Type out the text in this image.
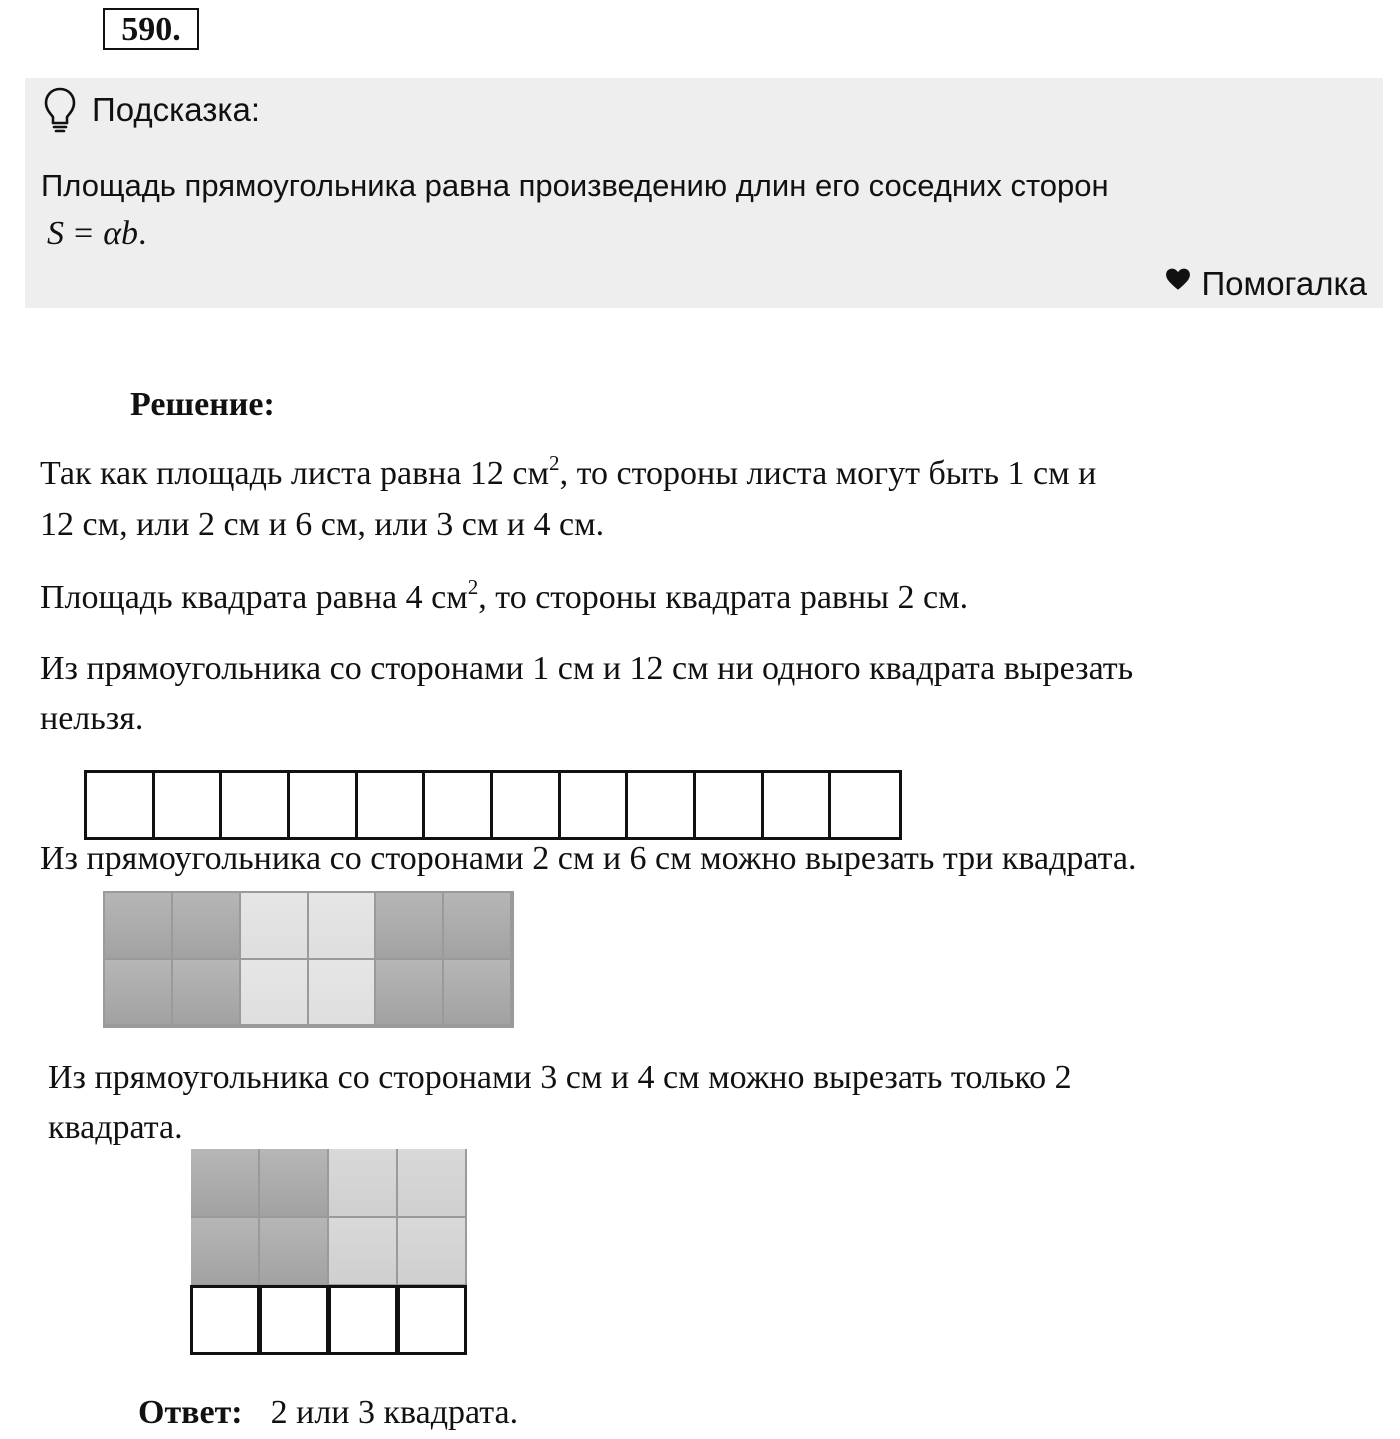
590.
Подсказка:
Площадь прямоугольника равна произведению длин его соседних сторон
S = αb.
Помогалка
Решение:
Так как площадь листа равна 12 $см^2$, то стороны листа могут быть 1 см и
12 см, или 2 см и 6 см, или 3 см и 4 см.
Площадь квадрата равна 4 $см^2$, то стороны квадрата равны 2 см.
Из прямоугольника со сторонами 1 см и 12 см ни одного квадрата вырезать
нельзя.
Из прямоугольника со сторонами 2 см и 6 см можно вырезать три квадрата.
Из прямоугольника со сторонами 3 см и 4 см можно вырезать только 2
квадрата.
Ответ: 2 или 3 квадрата.
